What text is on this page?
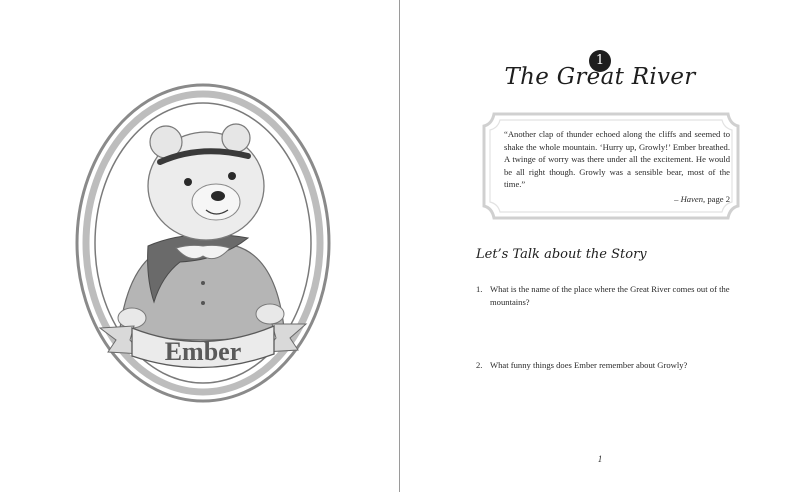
Ember
1
The Great River
“Another clap of thunder echoed along the cliffs and seemed to shake the whole mountain. ‘Hurry up, Growly!’ Ember breathed. A twinge of worry was there under all the excitement. He would be all right though. Growly was a sensible bear, most of the time.”
– Haven, page 2
Let’s Talk about the Story
1. What is the name of the place where the Great River comes out of the mountains?
2. What funny things does Ember remember about Growly?
1
